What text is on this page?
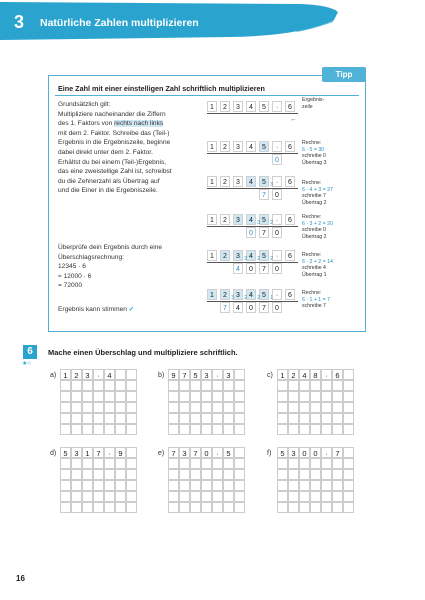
3 Natürliche Zahlen multiplizieren
Tipp
Eine Zahl mit einer einstelligen Zahl schriftlich multiplizieren
Grundsätzlich gilt:
Multipliziere nacheinander die Ziffern
des 1. Faktors von rechts nach links
mit dem 2. Faktor. Schreibe das (Teil-)
Ergebnis in die Ergebniszeile, beginne
dabei direkt unter dem 2. Faktor.
Erhältst du bei einem (Teil-)Ergebnis,
das eine zweistellige Zahl ist, schreibst
du die Zehnerzahl als Übertrag auf
und die Einer in die Ergebniszeile.
Überprüfe dein Ergebnis durch eine
Überschlagsrechnung:
12345 · 6
≈ 12000 · 6
= 72000
Ergebnis kann stimmen ✓
1	2	3	4	5	·	6
1	2	3	4	5	·	6
0
1	2	3	4	5	·	6
7	0
3
1	2	3	4	5	·	6
0	7	0
2
3
1	2	3	4	5	·	6
4	0	7	0
2
2
3
1	2	3	4	5	·	6
7	4	0	7	0
1
2
2
3
←
Ergebnis-
zeile
Rechne:
6 · 5 = 30
schreibe 0
Übertrag 3
Rechne:
6 · 4 + 3 = 27
schreibe 7
Übertrag 2
Rechne:
6 · 3 + 2 = 20
schreibe 0
Übertrag 2
Rechne:
6 · 2 + 2 = 14
schreibe 4
Übertrag 1
Rechne:
6 · 1 + 1 = 7
schreibe 7
6
★☆
Mache einen Überschlag und multipliziere schriftlich.
a) 1 2 3	·	4	b) 9 7 5 3	·	3	c)	1 2 4 8	·	6
d) 5 3 1 7	·	9	e) 7 3 7 0	·	5	f)	5 3 0 0	·	7
16
